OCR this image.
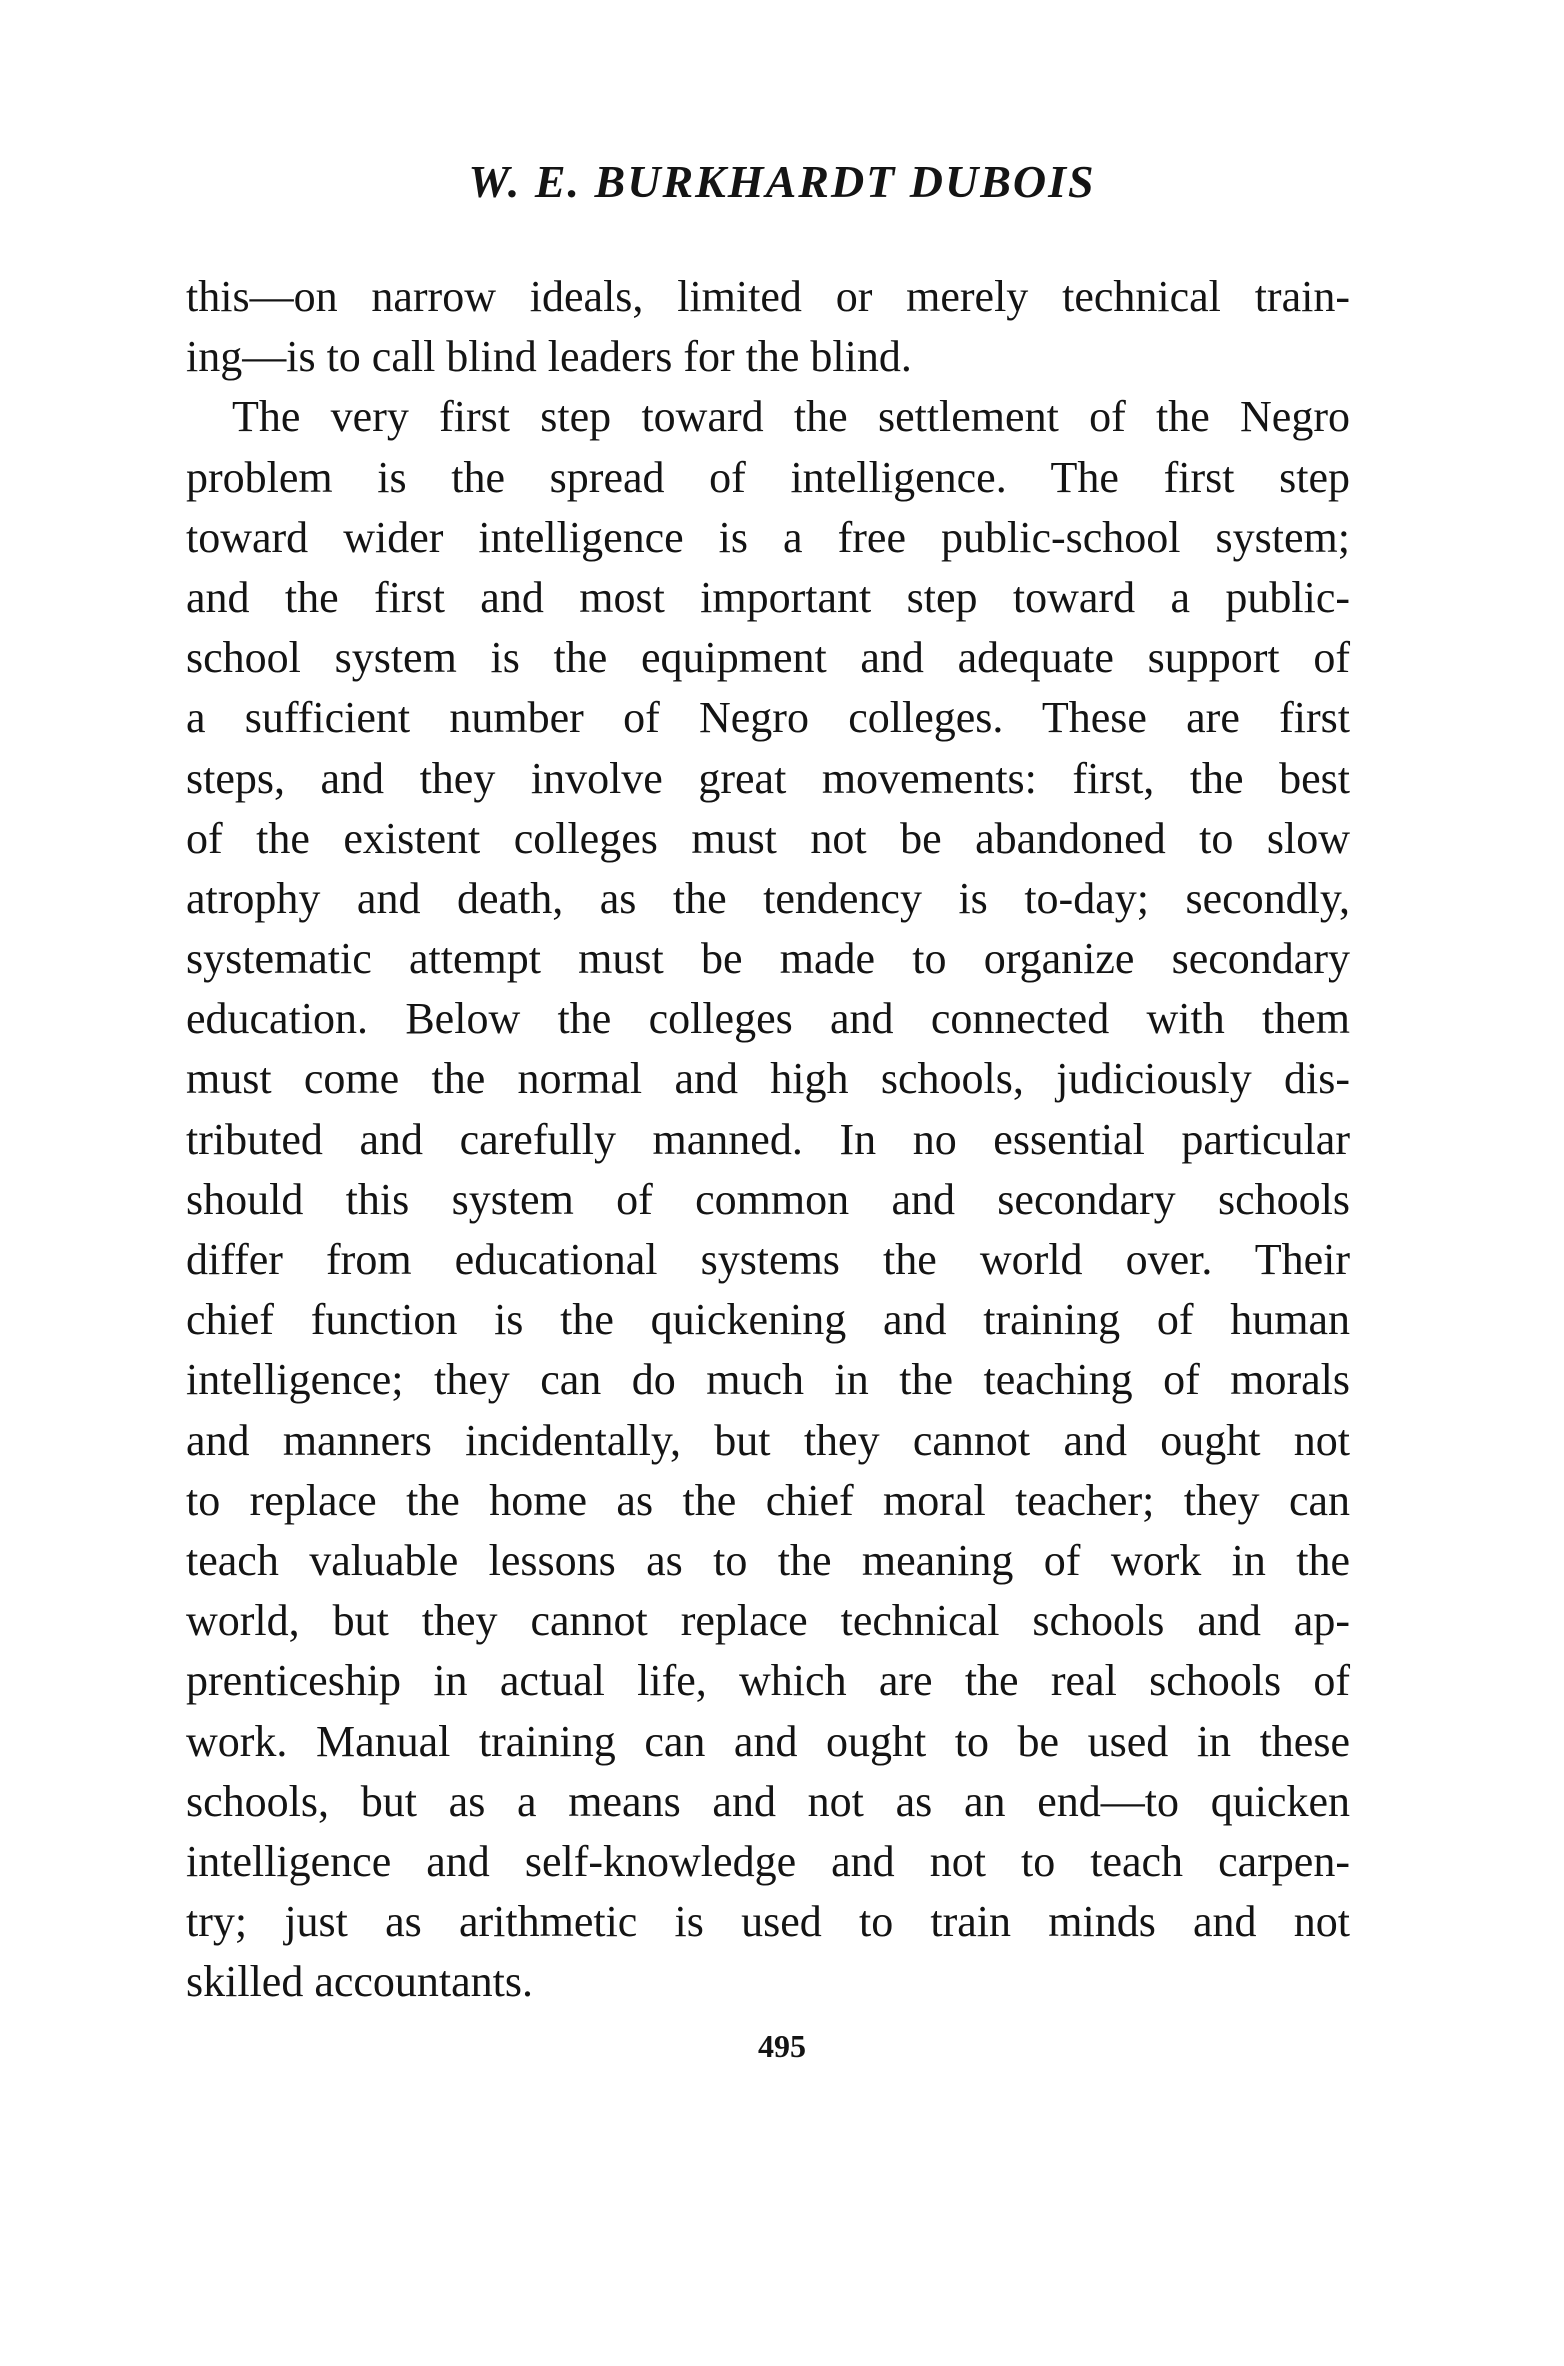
W. E. BURKHARDT DUBOIS

this—on narrow ideals, limited or merely technical train-
ing—is to call blind leaders for the blind.

The very first step toward the settlement of the Negro
problem is the spread of intelligence. The first step
toward wider intelligence is a free public-school system;
and the first and most important step toward a public-
school system is the equipment and adequate support of
a sufficient number of Negro colleges. These are first
steps, and they involve great movements: first, the best
of the existent colleges must not be abandoned to slow
atrophy and death, as the tendency is to-day; secondly,
systematic attempt must be made to organize secondary
education. Below the colleges and connected with them
must come the normal and high schools, judiciously dis-
tributed and carefully manned. In no essential particular
should this system of common and secondary schools
differ from educational systems the world over. Their
chief function is the quickening and training of human
intelligence; they can do much in the teaching of morals
and manners incidentally, but they cannot and ought not
to replace the home as the chief moral teacher; they can
teach valuable lessons as to the meaning of work in the
world, but they cannot replace technical schools and ap-
prenticeship in actual life, which are the real schools of
work. Manual training can and ought to be used in these
schools, but as a means and not as an end—to quicken
intelligence and self-knowledge and not to teach carpen-
try; just as arithmetic is used to train minds and not
skilled accountants.

495
